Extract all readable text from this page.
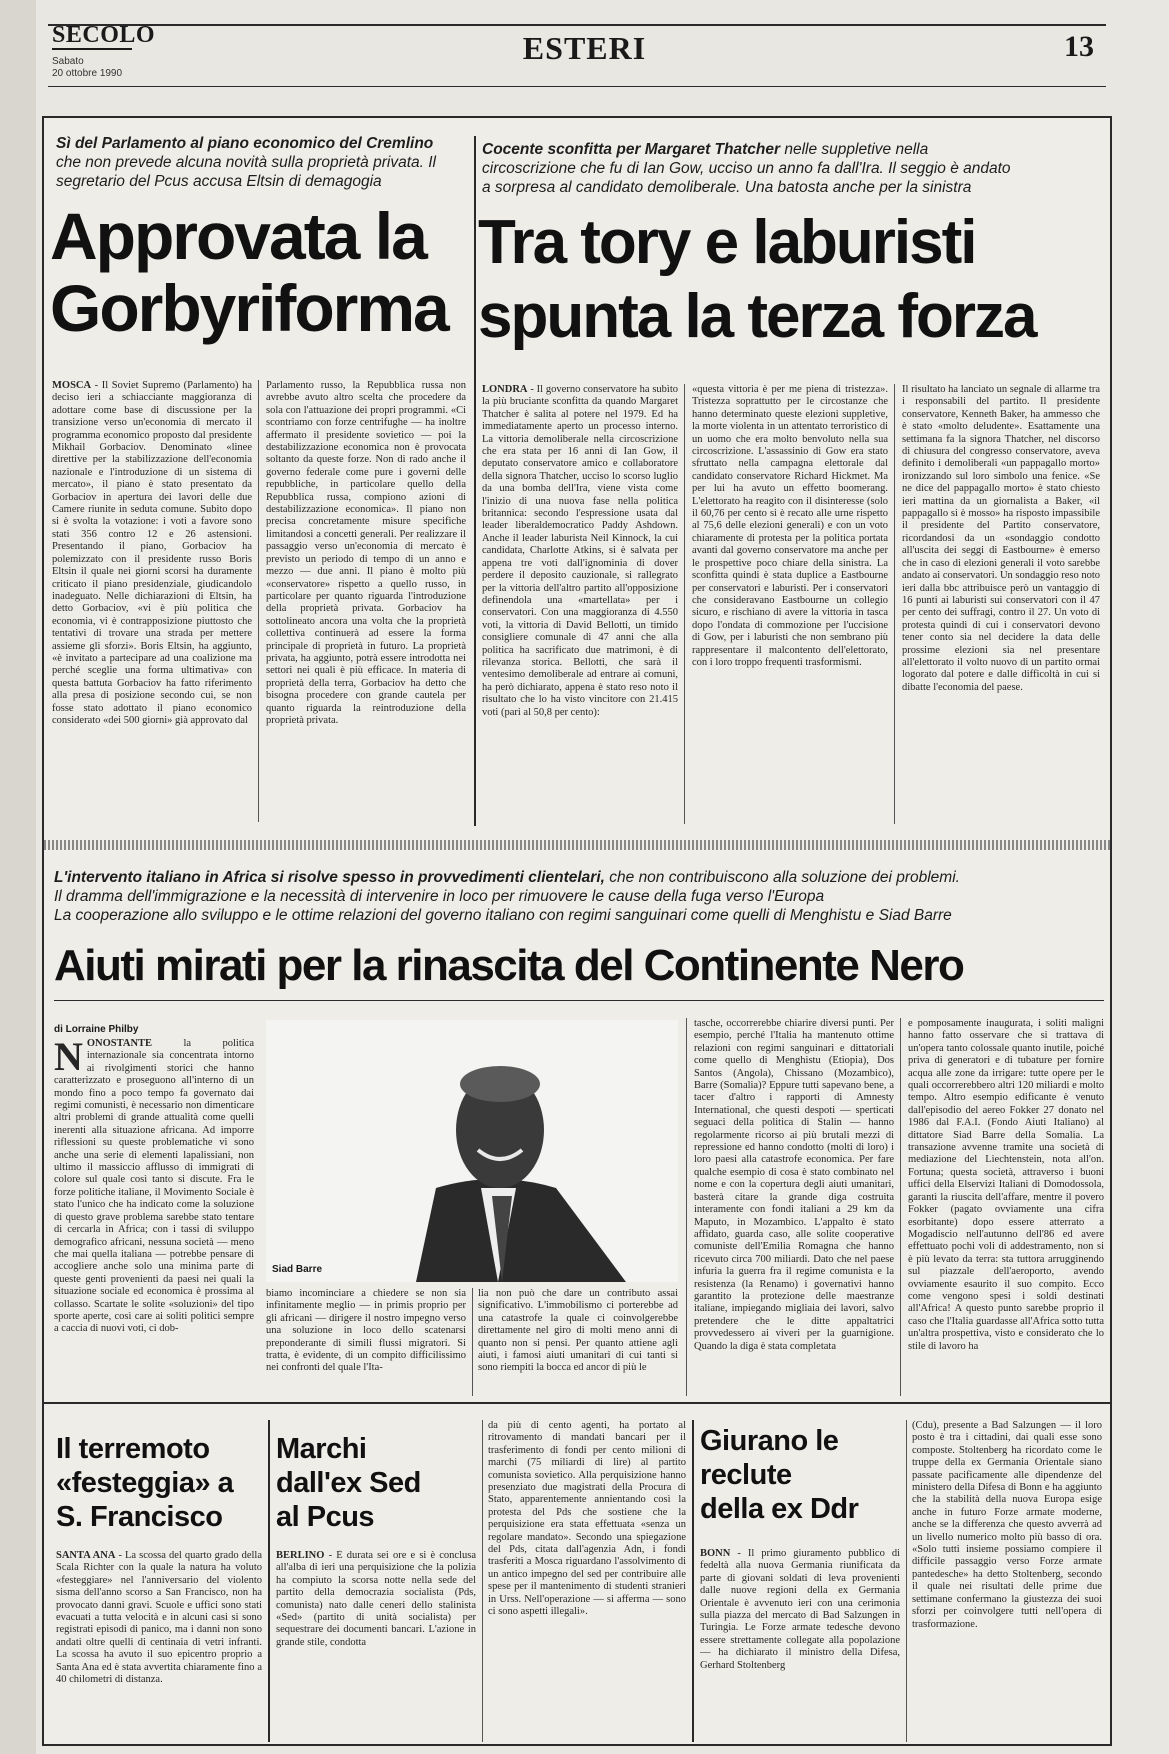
SECOLO
Sabato
20 ottobre 1990
ESTERI	13
Sì del Parlamento al piano economico del Cremlino che non prevede alcuna novità sulla proprietà privata. Il segretario del Pcus accusa Eltsin di demagogia
Approvata la
Gorbyriforma
MOSCA - Il Soviet Supremo (Parlamento) ha deciso ieri a schiacciante maggioranza di adottare come base di discussione per la transizione verso un'economia di mercato il programma economico proposto dal presidente Mikhail Gorbaciov. Denominato «linee direttive per la stabilizzazione dell'economia nazionale e l'introduzione di un sistema di mercato», il piano è stato presentato da Gorbaciov in apertura dei lavori delle due Camere riunite in seduta comune. Subito dopo si è svolta la votazione: i voti a favore sono stati 356 contro 12 e 26 astensioni. Presentando il piano, Gorbaciov ha polemizzato con il presidente russo Boris Eltsin il quale nei giorni scorsi ha duramente criticato il piano presidenziale, giudicandolo inadeguato. Nelle dichiarazioni di Eltsin, ha detto Gorbaciov, «vi è più politica che economia, vi è contrapposizione piuttosto che tentativi di trovare una strada per mettere assieme gli sforzi». Boris Eltsin, ha aggiunto, «è invitato a partecipare ad una coalizione ma perché sceglie una forma ultimativa» con questa battuta Gorbaciov ha fatto riferimento alla presa di posizione secondo cui, se non fosse stato adottato il piano economico considerato «dei 500 giorni» già approvato dal
Parlamento russo, la Repubblica russa non avrebbe avuto altro scelta che procedere da sola con l'attuazione dei propri programmi. «Ci scontriamo con forze centrifughe — ha inoltre affermato il presidente sovietico — poi la destabilizzazione economica non è provocata soltanto da queste forze. Non di rado anche il governo federale come pure i governi delle repubbliche, in particolare quello della Repubblica russa, compiono azioni di destabilizzazione economica». Il piano non precisa concretamente misure specifiche limitandosi a concetti generali. Per realizzare il passaggio verso un'economia di mercato è previsto un periodo di tempo di un anno e mezzo — due anni. Il piano è molto più «conservatore» rispetto a quello russo, in particolare per quanto riguarda l'introduzione della proprietà privata. Gorbaciov ha sottolineato ancora una volta che la proprietà collettiva continuerà ad essere la forma principale di proprietà in futuro. La proprietà privata, ha aggiunto, potrà essere introdotta nei settori nei quali è più efficace. In materia di proprietà della terra, Gorbaciov ha detto che bisogna procedere con grande cautela per quanto riguarda la reintroduzione della proprietà privata.
Cocente sconfitta per Margaret Thatcher nelle suppletive nella circoscrizione che fu di Ian Gow, ucciso un anno fa dall'Ira. Il seggio è andato a sorpresa al candidato demoliberale. Una batosta anche per la sinistra
Tra tory e laburisti
spunta la terza forza
LONDRA - Il governo conservatore ha subìto la più bruciante sconfitta da quando Margaret Thatcher è salita al potere nel 1979. Ed ha immediatamente aperto un processo interno. La vittoria demoliberale nella circoscrizione che era stata per 16 anni di Ian Gow, il deputato conservatore amico e collaboratore della signora Thatcher, ucciso lo scorso luglio da una bomba dell'Ira, viene vista come l'inizio di una nuova fase nella politica britannica: secondo l'espressione usata dal leader liberaldemocratico Paddy Ashdown. Anche il leader laburista Neil Kinnock, la cui candidata, Charlotte Atkins, si è salvata per appena tre voti dall'ignominia di dover perdere il deposito cauzionale, si rallegrato per la vittoria dell'altro partito all'opposizione definendola una «martellata» per i conservatori. Con una maggioranza di 4.550 voti, la vittoria di David Bellotti, un timido consigliere comunale di 47 anni che alla politica ha sacrificato due matrimoni, è di rilevanza storica. Bellotti, che sarà il ventesimo demoliberale ad entrare ai comuni, ha però dichiarato, appena è stato reso noto il risultato che lo ha visto vincitore con 21.415 voti (pari al 50,8 per cento):
«questa vittoria è per me piena di tristezza». Tristezza soprattutto per le circostanze che hanno determinato queste elezioni suppletive, la morte violenta in un attentato terroristico di un uomo che era molto benvoluto nella sua circoscrizione. L'assassinio di Gow era stato sfruttato nella campagna elettorale dal candidato conservatore Richard Hickmet. Ma per lui ha avuto un effetto boomerang. L'elettorato ha reagito con il disinteresse (solo il 60,76 per cento si è recato alle urne rispetto al 75,6 delle elezioni generali) e con un voto chiaramente di protesta per la politica portata avanti dal governo conservatore ma anche per le prospettive poco chiare della sinistra. La sconfitta quindi è stata duplice a Eastbourne per conservatori e laburisti. Per i conservatori che consideravano Eastbourne un collegio sicuro, e rischiano di avere la vittoria in tasca dopo l'ondata di commozione per l'uccisione di Gow, per i laburisti che non sembrano più rappresentare il malcontento dell'elettorato, con i loro troppo frequenti trasformismi.
Il risultato ha lanciato un segnale di allarme tra i responsabili del partito. Il presidente conservatore, Kenneth Baker, ha ammesso che è stato «molto deludente». Esattamente una settimana fa la signora Thatcher, nel discorso di chiusura del congresso conservatore, aveva definito i demoliberali «un pappagallo morto» ironizzando sul loro simbolo una fenice. «Se ne dice del pappagallo morto» è stato chiesto ieri mattina da un giornalista a Baker, «il pappagallo si è mosso» ha risposto impassibile il presidente del Partito conservatore, ricordandosi da un «sondaggio condotto all'uscita dei seggi di Eastbourne» è emerso che in caso di elezioni generali il voto sarebbe andato ai conservatori. Un sondaggio reso noto ieri dalla bbc attribuisce però un vantaggio di 16 punti ai laburisti sui conservatori con il 47 per cento dei suffragi, contro il 27. Un voto di protesta quindi di cui i conservatori devono tener conto sia nel decidere la data delle prossime elezioni sia nel presentare all'elettorato il volto nuovo di un partito ormai logorato dal potere e dalle difficoltà in cui si dibatte l'economia del paese.
L'intervento italiano in Africa si risolve spesso in provvedimenti clientelari, che non contribuiscono alla soluzione dei problemi.
Il dramma dell'immigrazione e la necessità di intervenire in loco per rimuovere le cause della fuga verso l'Europa
La cooperazione allo sviluppo e le ottime relazioni del governo italiano con regimi sanguinari come quelli di Menghistu e Siad Barre
Aiuti mirati per la rinascita del Continente Nero
di Lorraine Philby
NONOSTANTE	la politica internazionale sia concentrata intorno ai rivolgimenti storici che hanno caratterizzato e proseguono all'interno di un mondo fino a poco tempo fa governato dai regimi comunisti, è necessario non dimenticare altri problemi di grande attualità come quelli inerenti alla situazione africana. Ad imporre riflessioni su queste problematiche vi sono anche una serie di elementi lapalissiani, non ultimo il massiccio afflusso di immigrati di colore sul quale così tanto si discute. Fra le forze politiche italiane, il Movimento Sociale è stato l'unico che ha indicato come la soluzione di questo grave problema sarebbe stato tentare di cercarla in Africa; con i tassi di sviluppo demografico africani, nessuna società — meno che mai quella italiana — potrebbe pensare di accogliere anche solo una minima parte di queste genti provenienti da paesi nei quali la situazione sociale ed economica è prossima al collasso. Scartate le solite «soluzioni» del tipo sporte aperte, così care ai soliti politici sempre a caccia di nuovi voti, ci dob-
Siad Barre
biamo incominciare a chiedere se non sia infinitamente meglio — in primis proprio per gli africani — dirigere il nostro impegno verso una soluzione in loco dello scatenarsi preponderante di simili flussi migratori. Si tratta, è evidente, di un compito difficilissimo nei confronti del quale l'Ita-
lia non può che dare un contributo assai significativo. L'immobilismo ci porterebbe ad una catastrofe la quale ci coinvolgerebbe direttamente nel giro di molti meno anni di quanto non si pensi. Per quanto attiene agli aiuti, i famosi aiuti umanitari di cui tanti si sono riempiti la bocca ed ancor di più le
tasche, occorrerebbe chiarire diversi punti. Per esempio, perché l'Italia ha mantenuto ottime relazioni con regimi sanguinari e dittatoriali come quello di Menghistu (Etiopia), Dos Santos (Angola), Chissano (Mozambico), Barre (Somalia)? Eppure tutti sapevano bene, a tacer d'altro i rapporti di Amnesty International, che questi despoti — sperticati seguaci della politica di Stalin — hanno regolarmente ricorso ai più brutali mezzi di repressione ed hanno condotto (molti di loro) i loro paesi alla catastrofe economica. Per fare qualche esempio di cosa è stato combinato nel nome e con la copertura degli aiuti umanitari, basterà citare la grande diga costruita interamente con fondi italiani a 29 km da Maputo, in Mozambico. L'appalto è stato affidato, guarda caso, alle solite cooperative comuniste dell'Emilia Romagna che hanno ricevuto circa 700 miliardi. Dato che nel paese infuria la guerra fra il regime comunista e la resistenza (la Renamo) i governativi hanno garantito la protezione delle maestranze italiane, impiegando migliaia dei lavori, salvo pretendere che le ditte appaltatrici provvedessero ai viveri per la guarnigione. Quando la diga è stata completata
e pomposamente inaugurata, i soliti maligni hanno fatto osservare che si trattava di un'opera tanto colossale quanto inutile, poiché priva di generatori e di tubature per fornire acqua alle zone da irrigare: tutte opere per le quali occorrerebbero altri 120 miliardi e molto tempo. Altro esempio edificante è venuto dall'episodio del aereo Fokker 27 donato nel 1986 dal F.A.I. (Fondo Aiuti Italiano) al dittatore Siad Barre della Somalia. La transazione avvenne tramite una società di mediazione del Liechtenstein, nota all'on. Fortuna; questa società, attraverso i buoni uffici della Elservizi Italiani di Domodossola, garantì la riuscita dell'affare, mentre il povero Fokker (pagato ovviamente una cifra esorbitante) dopo essere atterrato a Mogadiscio nell'autunno dell'86 ed avere effettuato pochi voli di addestramento, non si è più levato da terra: sta tuttora arrugginendo sul piazzale dell'aeroporto, avendo ovviamente esaurito il suo compito. Ecco come vengono spesi i soldi destinati all'Africa! A questo punto sarebbe proprio il caso che l'Italia guardasse all'Africa sotto tutta un'altra prospettiva, visto e considerato che lo stile di lavoro ha
Il terremoto
«festeggia» a
S. Francisco
SANTA ANA - La scossa del quarto grado della Scala Richter con la quale la natura ha voluto «festeggiare» nel l'anniversario del violento sisma dell'anno scorso a San Francisco, non ha provocato danni gravi. Scuole e uffici sono stati evacuati a tutta velocità e in alcuni casi si sono registrati episodi di panico, ma i danni non sono andati oltre quelli di centinaia di vetri infranti. La scossa ha avuto il suo epicentro proprio a Santa Ana ed è stata avvertita chiaramente fino a 40 chilometri di distanza.
Marchi
dall'ex Sed
al Pcus
BERLINO - È durata sei ore e si è conclusa all'alba di ieri una perquisizione che la polizia ha compiuto la scorsa notte nella sede del partito della democrazia socialista (Pds, comunista) nato dalle ceneri dello stalinista «Sed» (partito di unità socialista) per sequestrare dei documenti bancari. L'azione in grande stile, condotta
da più di cento agenti, ha portato al ritrovamento di mandati bancari per il trasferimento di fondi per cento milioni di marchi (75 miliardi di lire) al partito comunista sovietico. Alla perquisizione hanno presenziato due magistrati della Procura di Stato, apparentemente annientando così la protesta del Pds che sostiene che la perquisizione era stata effettuata «senza un regolare mandato». Secondo una spiegazione del Pds, citata dall'agenzia Adn, i fondi trasferiti a Mosca riguardano l'assolvimento di un antico impegno del sed per contribuire alle spese per il mantenimento di studenti stranieri in Urss. Nell'operazione — si afferma — sono ci sono aspetti illegali».
Giurano le
reclute
della ex Ddr
BONN - Il primo giuramento pubblico di fedeltà alla nuova Germania riunificata da parte di giovani soldati di leva provenienti dalle nuove regioni della ex Germania Orientale è avvenuto ieri con una cerimonia sulla piazza del mercato di Bad Salzungen in Turingia. Le Forze armate tedesche devono essere strettamente collegate alla popolazione — ha dichiarato il ministro della Difesa, Gerhard Stoltenberg
(Cdu), presente a Bad Salzungen — il loro posto è tra i cittadini, dai quali esse sono composte. Stoltenberg ha ricordato come le truppe della ex Germania Orientale siano passate pacificamente alle dipendenze del ministero della Difesa di Bonn e ha aggiunto che la stabilità della nuova Europa esige anche in futuro Forze armate moderne, anche se la differenza che questo avverrà ad un livello numerico molto più basso di ora. «Solo tutti insieme possiamo compiere il difficile passaggio verso Forze armate pantedesche» ha detto Stoltenberg, secondo il quale nei risultati delle prime due settimane confermano la giustezza dei suoi sforzi per coinvolgere tutti nell'opera di trasformazione.
